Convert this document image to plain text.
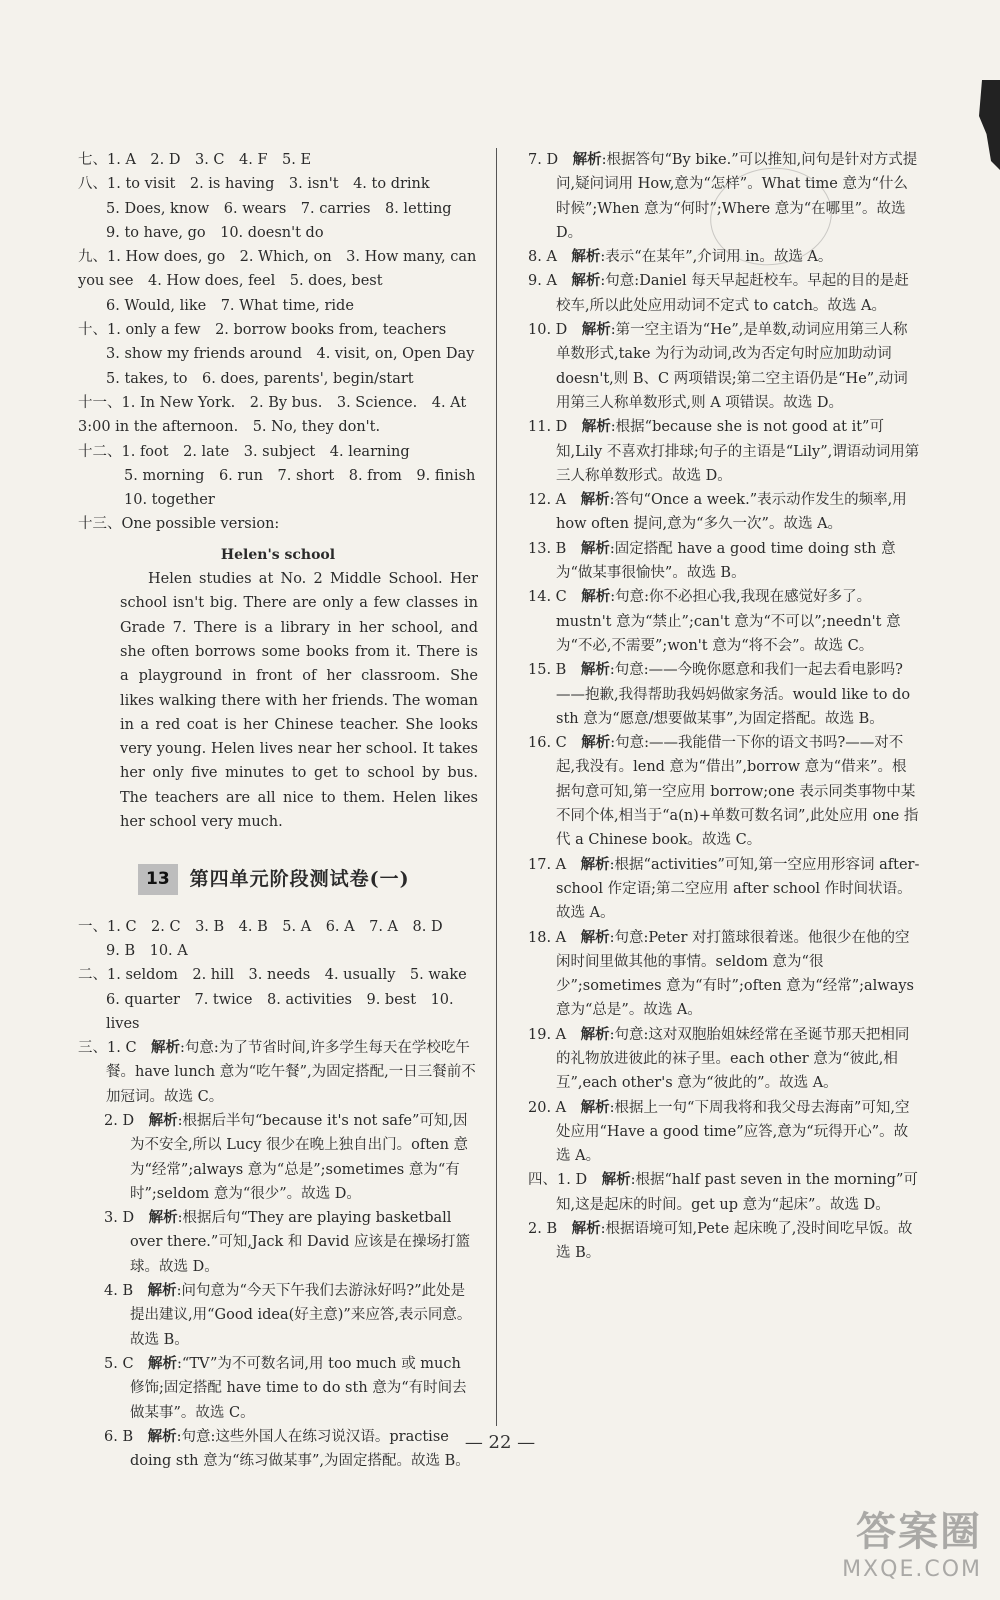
七、1. A　2. D　3. C　4. F　5. E

八、1. to visit　2. is having　3. isn't　4. to drink

5. Does, know　6. wears　7. carries　8. letting

9. to have, go　10. doesn't do

九、1. How does, go　2. Which, on　3. How many, can you see　4. How does, feel　5. does, best

6. Would, like　7. What time, ride

十、1. only a few　2. borrow books from, teachers

3. show my friends around　4. visit, on, Open Day

5. takes, to　6. does, parents', begin/start

十一、1. In New York.　2. By bus.　3. Science.　4. At 3:00 in the afternoon.　5. No, they don't.

十二、1. foot　2. late　3. subject　4. learning

5. morning　6. run　7. short　8. from　9. finish

10. together

十三、One possible version:

Helen's school

Helen studies at No. 2 Middle School. Her school isn't big. There are only a few classes in Grade 7. There is a library in her school, and she often borrows some books from it. There is a playground in front of her classroom. She likes walking there with her friends. The woman in a red coat is her Chinese teacher. She looks very young. Helen lives near her school. It takes her only five minutes to get to school by bus. The teachers are all nice to them. Helen likes her school very much.

13	第四单元阶段测试卷(一)

一、1. C　2. C　3. B　4. B　5. A　6. A　7. A　8. D

9. B　10. A

二、1. seldom　2. hill　3. needs　4. usually　5. wake

6. quarter　7. twice　8. activities　9. best　10. lives

三、1. C　解析:句意:为了节省时间,许多学生每天在学校吃午餐。have lunch 意为“吃午餐”,为固定搭配,一日三餐前不加冠词。故选 C。

2. D　解析:根据后半句“because it's not safe”可知,因为不安全,所以 Lucy 很少在晚上独自出门。often 意为“经常”;always 意为“总是”;sometimes 意为“有时”;seldom 意为“很少”。故选 D。

3. D　解析:根据后句“They are playing basketball over there.”可知,Jack 和 David 应该是在操场打篮球。故选 D。

4. B　解析:问句意为“今天下午我们去游泳好吗?”此处是提出建议,用“Good idea(好主意)”来应答,表示同意。故选 B。

5. C　解析:“TV”为不可数名词,用 too much 或 much 修饰;固定搭配 have time to do sth 意为“有时间去做某事”。故选 C。

6. B　解析:句意:这些外国人在练习说汉语。practise doing sth 意为“练习做某事”,为固定搭配。故选 B。

7. D　解析:根据答句“By bike.”可以推知,问句是针对方式提问,疑问词用 How,意为“怎样”。What time 意为“什么时候”;When 意为“何时”;Where 意为“在哪里”。故选 D。

8. A　解析:表示“在某年”,介词用 in。故选 A。

9. A　解析:句意:Daniel 每天早起赶校车。早起的目的是赶校车,所以此处应用动词不定式 to catch。故选 A。

10. D　解析:第一空主语为“He”,是单数,动词应用第三人称单数形式,take 为行为动词,改为否定句时应加助动词 doesn't,则 B、C 两项错误;第二空主语仍是“He”,动词用第三人称单数形式,则 A 项错误。故选 D。

11. D　解析:根据“because she is not good at it”可知,Lily 不喜欢打排球;句子的主语是“Lily”,谓语动词用第三人称单数形式。故选 D。

12. A　解析:答句“Once a week.”表示动作发生的频率,用 how often 提问,意为“多久一次”。故选 A。

13. B　解析:固定搭配 have a good time doing sth 意为“做某事很愉快”。故选 B。

14. C　解析:句意:你不必担心我,我现在感觉好多了。mustn't 意为“禁止”;can't 意为“不可以”;needn't 意为“不必,不需要”;won't 意为“将不会”。故选 C。

15. B　解析:句意:——今晚你愿意和我们一起去看电影吗?——抱歉,我得帮助我妈妈做家务活。would like to do sth 意为“愿意/想要做某事”,为固定搭配。故选 B。

16. C　解析:句意:——我能借一下你的语文书吗?——对不起,我没有。lend 意为“借出”,borrow 意为“借来”。根据句意可知,第一空应用 borrow;one 表示同类事物中某不同个体,相当于“a(n)+单数可数名词”,此处应用 one 指代 a Chinese book。故选 C。

17. A　解析:根据“activities”可知,第一空应用形容词 after-school 作定语;第二空应用 after school 作时间状语。故选 A。

18. A　解析:句意:Peter 对打篮球很着迷。他很少在他的空闲时间里做其他的事情。seldom 意为“很少”;sometimes 意为“有时”;often 意为“经常”;always 意为“总是”。故选 A。

19. A　解析:句意:这对双胞胎姐妹经常在圣诞节那天把相同的礼物放进彼此的袜子里。each other 意为“彼此,相互”,each other's 意为“彼此的”。故选 A。

20. A　解析:根据上一句“下周我将和我父母去海南”可知,空处应用“Have a good time”应答,意为“玩得开心”。故选 A。

四、1. D　解析:根据“half past seven in the morning”可知,这是起床的时间。get up 意为“起床”。故选 D。

2. B　解析:根据语境可知,Pete 起床晚了,没时间吃早饭。故选 B。

— 22 —
答案圈
MXQE.COM
